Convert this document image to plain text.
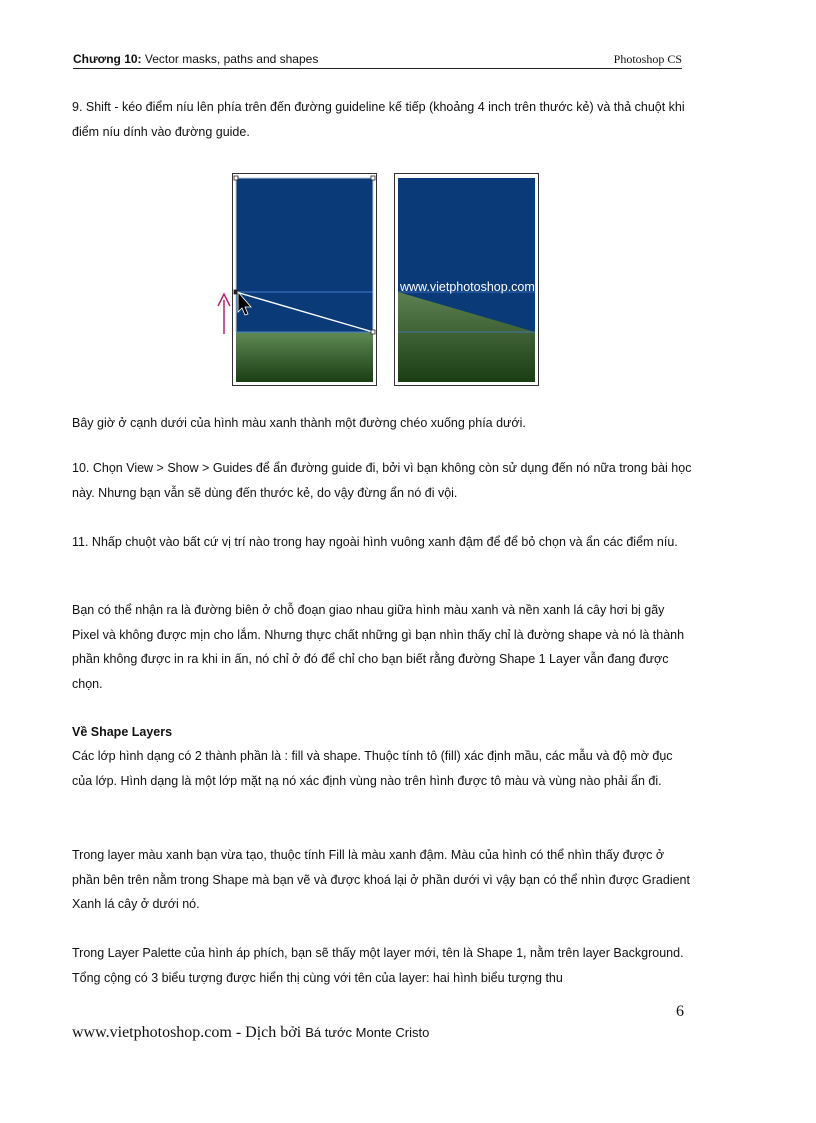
Chương 10: Vector masks, paths and shapes	Photoshop CS

9. Shift - kéo điểm níu lên phía trên đến đường guideline kế tiếp (khoảng 4 inch trên thước kẻ) và thả chuột khi điểm níu dính vào đường guide.

www.vietphotoshop.com

Bây giờ ở cạnh dưới của hình màu xanh thành một đường chéo xuống phía dưới.

10. Chọn View > Show > Guides để ẩn đường guide đi, bởi vì bạn không còn sử dụng đến nó nữa trong bài học này. Nhưng bạn vẫn sẽ dùng đến thước kẻ, do vậy đừng ẩn nó đi vội.

11. Nhấp chuột vào bất cứ vị trí nào trong hay ngoài hình vuông xanh đậm để để bỏ chọn và ẩn các điểm níu.

Bạn có thể nhận ra là đường biên ở chỗ đoạn giao nhau giữa hình màu xanh và nền xanh lá cây hơi bị gãy Pixel và không được mịn cho lắm. Nhưng thực chất những gì bạn nhìn thấy chỉ là đường shape và nó là thành phần không được in ra khi in ấn, nó chỉ ở đó để chỉ cho bạn biết rằng đường Shape 1 Layer vẫn đang được chọn.

Về Shape Layers

Các lớp hình dạng có 2 thành phần là : fill và shape. Thuộc tính tô (fill) xác định mầu, các mẫu và độ mờ đục của lớp. Hình dạng là một lớp mặt nạ nó xác định vùng nào trên hình được tô màu và vùng nào phải ẩn đi.

Trong layer màu xanh bạn vừa tạo, thuộc tính Fill là màu xanh đậm. Màu của hình có thể nhìn thấy được ở phần bên trên nằm trong Shape mà bạn vẽ và được khoá lại ở phần dưới vì vậy bạn có thể nhìn được Gradient Xanh lá cây ở dưới nó.

Trong Layer Palette của hình áp phích, bạn sẽ thấy một layer mới, tên là Shape 1, nằm trên layer Background. Tổng cộng có 3 biểu tượng được hiển thị cùng với tên của layer: hai hình biểu tượng thu

6
www.vietphotoshop.com - Dịch bởi Bá tước Monte Cristo
